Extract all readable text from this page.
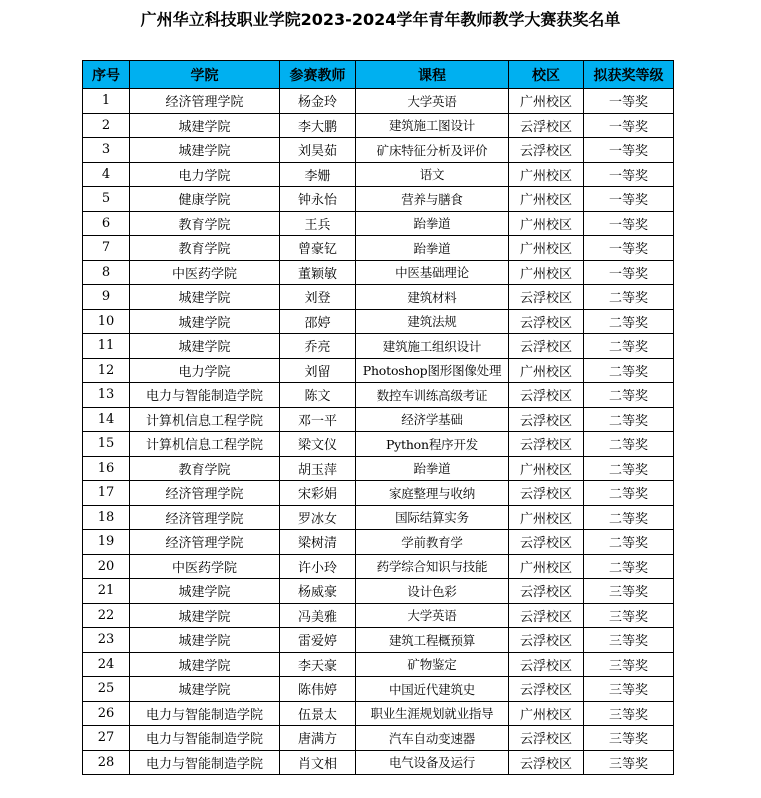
广州华立科技职业学院2023-2024学年青年教师教学大赛获奖名单
序号	学院	参赛教师	课程	校区	拟获奖等级
1	经济管理学院	杨金玲	大学英语	广州校区	一等奖
2	城建学院	李大鹏	建筑施工图设计	云浮校区	一等奖
3	城建学院	刘昊茹	矿床特征分析及评价	云浮校区	一等奖
4	电力学院	李姗	语文	广州校区	一等奖
5	健康学院	钟永怡	营养与膳食	广州校区	一等奖
6	教育学院	王兵	跆拳道	广州校区	一等奖
7	教育学院	曾豪钇	跆拳道	广州校区	一等奖
8	中医药学院	董颖敏	中医基础理论	广州校区	一等奖
9	城建学院	刘登	建筑材料	云浮校区	二等奖
10	城建学院	邵婷	建筑法规	云浮校区	二等奖
11	城建学院	乔亮	建筑施工组织设计	云浮校区	二等奖
12	电力学院	刘留	Photoshop图形图像处理	广州校区	二等奖
13	电力与智能制造学院	陈文	数控车训练高级考证	云浮校区	二等奖
14	计算机信息工程学院	邓一平	经济学基础	云浮校区	二等奖
15	计算机信息工程学院	梁文仪	Python程序开发	云浮校区	二等奖
16	教育学院	胡玉萍	跆拳道	广州校区	二等奖
17	经济管理学院	宋彩娟	家庭整理与收纳	云浮校区	二等奖
18	经济管理学院	罗冰女	国际结算实务	广州校区	二等奖
19	经济管理学院	梁树清	学前教育学	云浮校区	二等奖
20	中医药学院	许小玲	药学综合知识与技能	广州校区	二等奖
21	城建学院	杨威豪	设计色彩	云浮校区	三等奖
22	城建学院	冯美雅	大学英语	云浮校区	三等奖
23	城建学院	雷爱婷	建筑工程概预算	云浮校区	三等奖
24	城建学院	李天豪	矿物鉴定	云浮校区	三等奖
25	城建学院	陈伟婷	中国近代建筑史	云浮校区	三等奖
26	电力与智能制造学院	伍景太	职业生涯规划就业指导	广州校区	三等奖
27	电力与智能制造学院	唐满方	汽车自动变速器	云浮校区	三等奖
28	电力与智能制造学院	肖文相	电气设备及运行	云浮校区	三等奖
